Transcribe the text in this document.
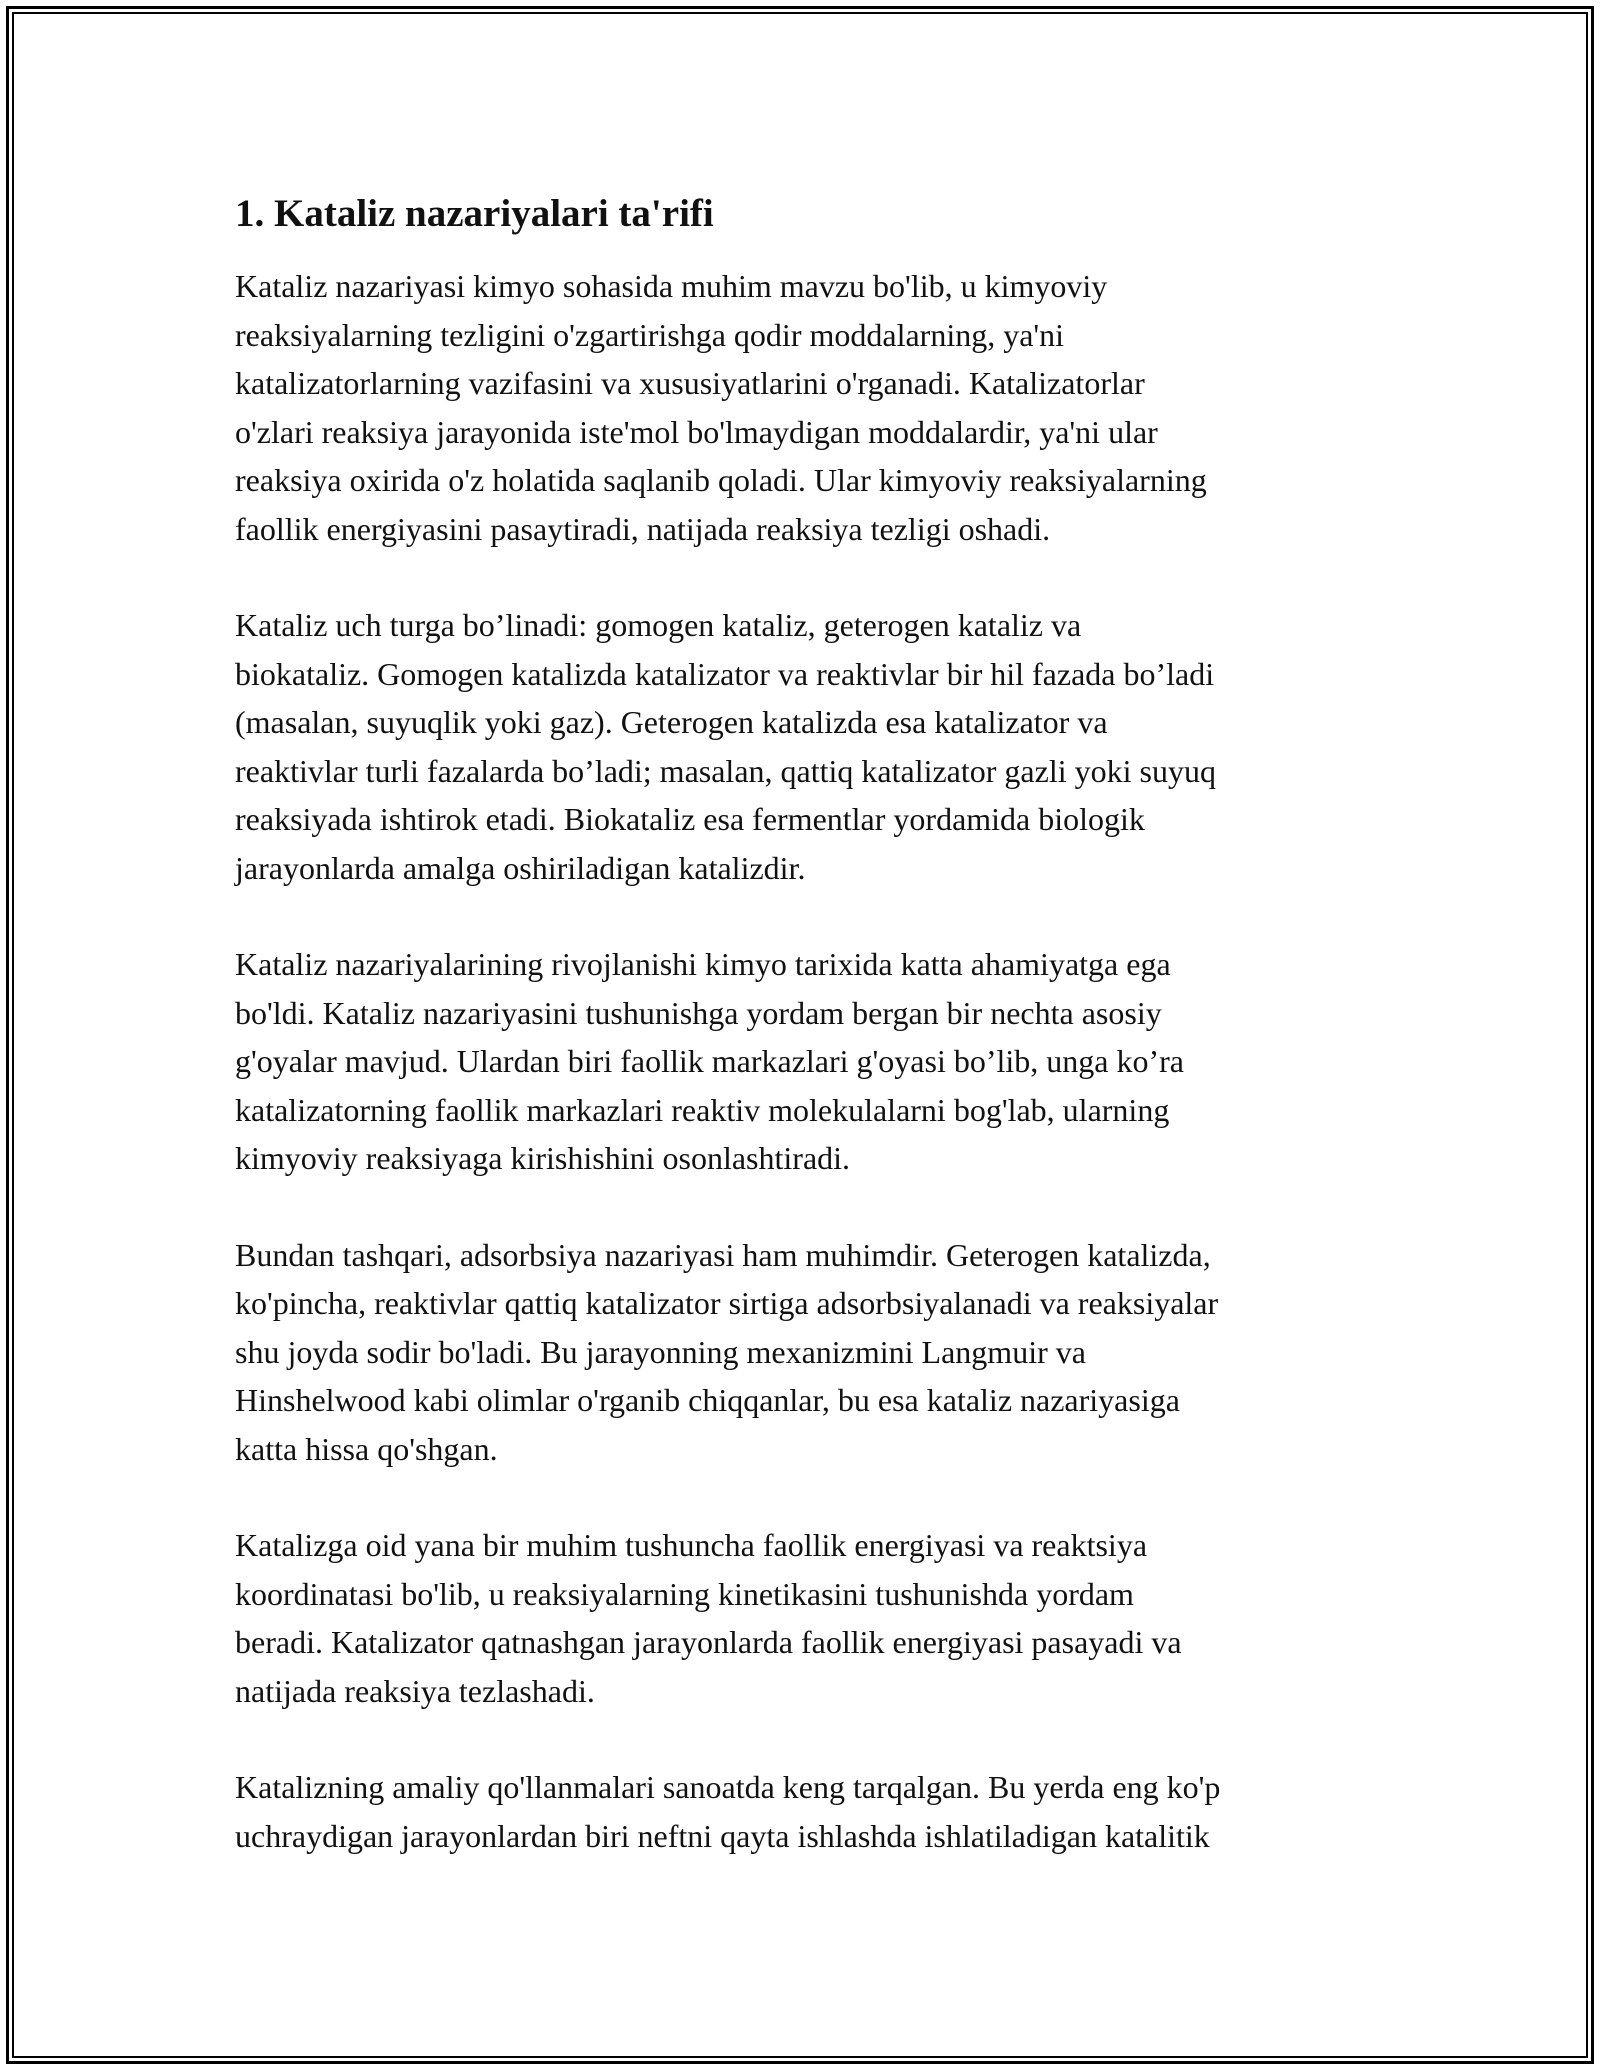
1. Kataliz nazariyalari ta'rifi
Kataliz nazariyasi kimyo sohasida muhim mavzu bo'lib, u kimyoviy
reaksiyalarning tezligini o'zgartirishga qodir moddalarning, ya'ni
katalizatorlarning vazifasini va xususiyatlarini o'rganadi. Katalizatorlar
o'zlari reaksiya jarayonida iste'mol bo'lmaydigan moddalardir, ya'ni ular
reaksiya oxirida o'z holatida saqlanib qoladi. Ular kimyoviy reaksiyalarning
faollik energiyasini pasaytiradi, natijada reaksiya tezligi oshadi.
Kataliz uch turga bo’linadi: gomogen kataliz, geterogen kataliz va
biokataliz. Gomogen katalizda katalizator va reaktivlar bir hil fazada bo’ladi
(masalan, suyuqlik yoki gaz). Geterogen katalizda esa katalizator va
reaktivlar turli fazalarda bo’ladi; masalan, qattiq katalizator gazli yoki suyuq
reaksiyada ishtirok etadi. Biokataliz esa fermentlar yordamida biologik
jarayonlarda amalga oshiriladigan katalizdir.
Kataliz nazariyalarining rivojlanishi kimyo tarixida katta ahamiyatga ega
bo'ldi. Kataliz nazariyasini tushunishga yordam bergan bir nechta asosiy
g'oyalar mavjud. Ulardan biri faollik markazlari g'oyasi bo’lib, unga ko’ra
katalizatorning faollik markazlari reaktiv molekulalarni bog'lab, ularning
kimyoviy reaksiyaga kirishishini osonlashtiradi.
Bundan tashqari, adsorbsiya nazariyasi ham muhimdir. Geterogen katalizda,
ko'pincha, reaktivlar qattiq katalizator sirtiga adsorbsiyalanadi va reaksiyalar
shu joyda sodir bo'ladi. Bu jarayonning mexanizmini Langmuir va
Hinshelwood kabi olimlar o'rganib chiqqanlar, bu esa kataliz nazariyasiga
katta hissa qo'shgan.
Katalizga oid yana bir muhim tushuncha faollik energiyasi va reaktsiya
koordinatasi bo'lib, u reaksiyalarning kinetikasini tushunishda yordam
beradi. Katalizator qatnashgan jarayonlarda faollik energiyasi pasayadi va
natijada reaksiya tezlashadi.
Katalizning amaliy qo'llanmalari sanoatda keng tarqalgan. Bu yerda eng ko'p
uchraydigan jarayonlardan biri neftni qayta ishlashda ishlatiladigan katalitik
